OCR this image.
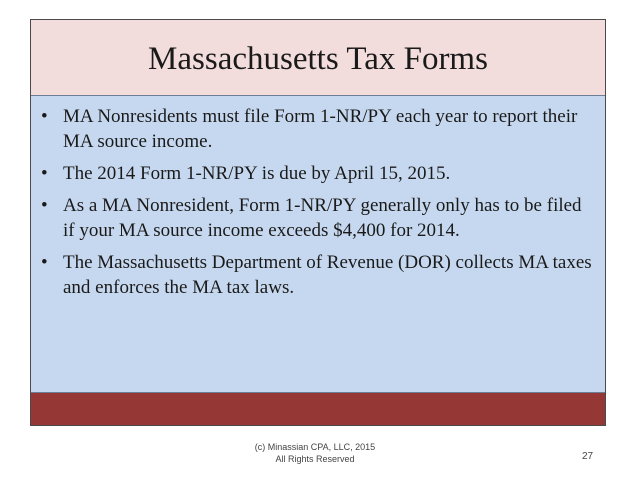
Massachusetts Tax Forms
• MA Nonresidents must file Form 1-NR/PY each year to report their MA source income.
• The 2014 Form 1-NR/PY is due by April 15, 2015.
• As a MA Nonresident, Form 1-NR/PY generally only has to be filed if your MA source income exceeds $4,400 for 2014.
• The Massachusetts Department of Revenue (DOR) collects MA taxes and enforces the MA tax laws.
(c) Minassian CPA, LLC, 2015
All Rights Reserved	27
